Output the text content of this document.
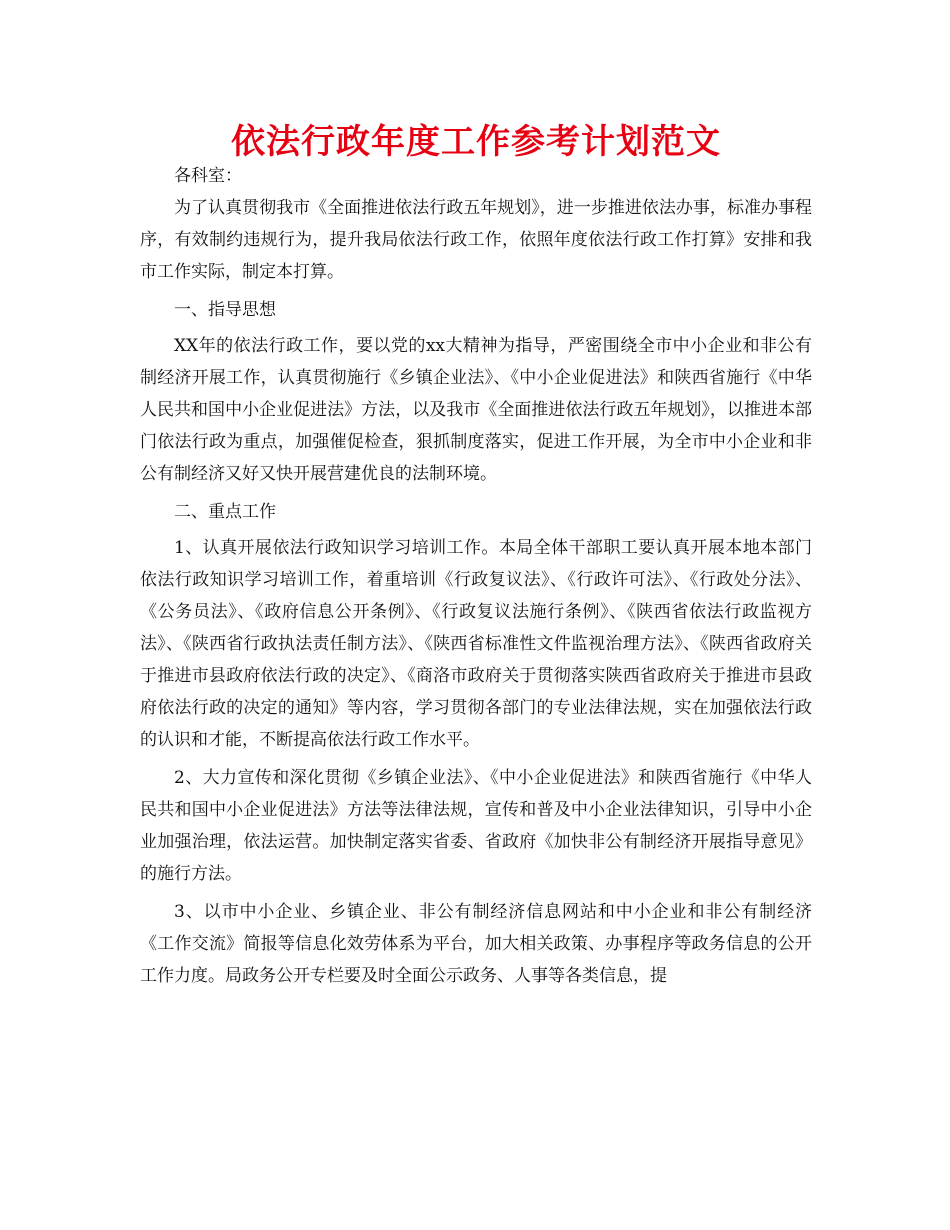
依法行政年度工作参考计划范文

各科室：

为了认真贯彻我市《全面推进依法行政五年规划》，进一步推进依法办事，标准办事程序，有效制约违规行为，提升我局依法行政工作，依照年度依法行政工作打算》安排和我市工作实际，制定本打算。

一、指导思想

XX年的依法行政工作，要以党的xx大精神为指导，严密围绕全市中小企业和非公有制经济开展工作，认真贯彻施行《乡镇企业法》、《中小企业促进法》和陕西省施行《中华人民共和国中小企业促进法》方法，以及我市《全面推进依法行政五年规划》，以推进本部门依法行政为重点，加强催促检查，狠抓制度落实，促进工作开展，为全市中小企业和非公有制经济又好又快开展营建优良的法制环境。

二、重点工作

1、认真开展依法行政知识学习培训工作。本局全体干部职工要认真开展本地本部门依法行政知识学习培训工作，着重培训《行政复议法》、《行政许可法》、《行政处分法》、《公务员法》、《政府信息公开条例》、《行政复议法施行条例》、《陕西省依法行政监视方法》、《陕西省行政执法责任制方法》、《陕西省标准性文件监视治理方法》、《陕西省政府关于推进市县政府依法行政的决定》、《商洛市政府关于贯彻落实陕西省政府关于推进市县政府依法行政的决定的通知》等内容，学习贯彻各部门的专业法律法规，实在加强依法行政的认识和才能，不断提高依法行政工作水平。

2、大力宣传和深化贯彻《乡镇企业法》、《中小企业促进法》和陕西省施行《中华人民共和国中小企业促进法》方法等法律法规，宣传和普及中小企业法律知识，引导中小企业加强治理，依法运营。加快制定落实省委、省政府《加快非公有制经济开展指导意见》的施行方法。

3、以市中小企业、乡镇企业、非公有制经济信息网站和中小企业和非公有制经济《工作交流》简报等信息化效劳体系为平台，加大相关政策、办事程序等政务信息的公开工作力度。局政务公开专栏要及时全面公示政务、人事等各类信息，提
